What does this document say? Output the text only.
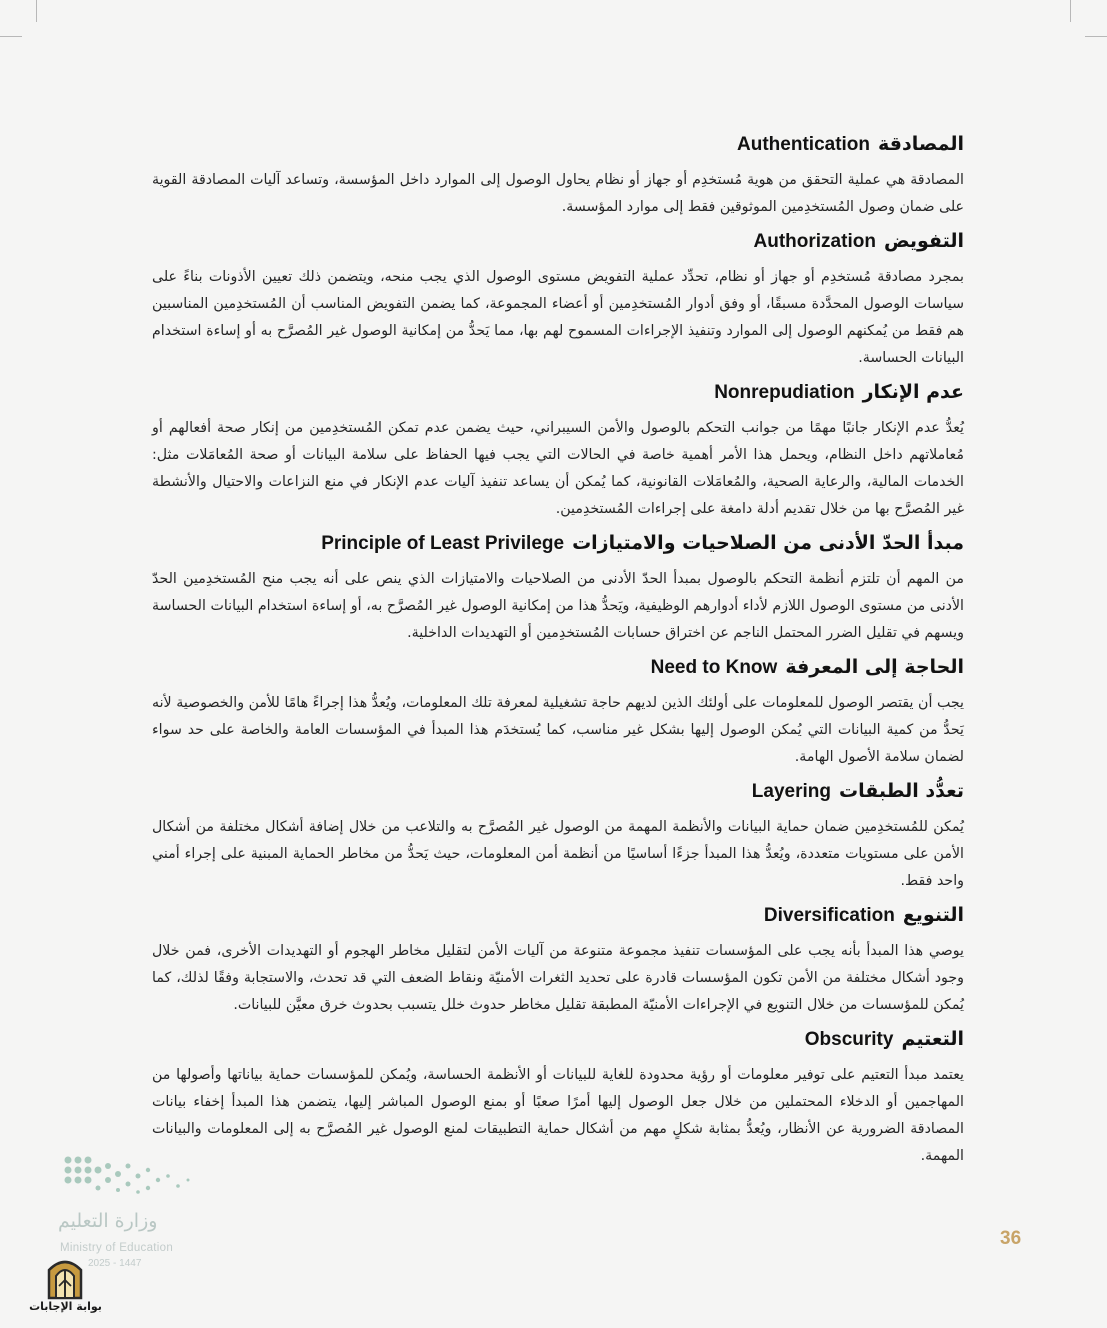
المصادقة
Authentication

المصادقة هي عملية التحقق من هوية مُستخدِم أو جهاز أو نظام يحاول الوصول إلى الموارد داخل المؤسسة، وتساعد آليات المصادقة القوية على ضمان وصول المُستخدِمين الموثوقين فقط إلى موارد المؤسسة.

التفويض
Authorization

بمجرد مصادقة مُستخدِم أو جهاز أو نظام، تحدِّد عملية التفويض مستوى الوصول الذي يجب منحه، ويتضمن ذلك تعيين الأذونات بناءً على سياسات الوصول المحدَّدة مسبقًا، أو وفق أدوار المُستخدِمين أو أعضاء المجموعة، كما يضمن التفويض المناسب أن المُستخدِمين المناسبين هم فقط من يُمكنهم الوصول إلى الموارد وتنفيذ الإجراءات المسموح لهم بها، مما يَحدُّ من إمكانية الوصول غير المُصرَّح به أو إساءة استخدام البيانات الحساسة.

عدم الإنكار
Nonrepudiation

يُعدُّ عدم الإنكار جانبًا مهمًا من جوانب التحكم بالوصول والأمن السيبراني، حيث يضمن عدم تمكن المُستخدِمين من إنكار صحة أفعالهم أو مُعاملاتهم داخل النظام، ويحمل هذا الأمر أهمية خاصة في الحالات التي يجب فيها الحفاظ على سلامة البيانات أو صحة المُعامَلات مثل: الخدمات المالية، والرعاية الصحية، والمُعامَلات القانونية، كما يُمكن أن يساعد تنفيذ آليات عدم الإنكار في منع النزاعات والاحتيال والأنشطة غير المُصرَّح بها من خلال تقديم أدلة دامغة على إجراءات المُستخدِمين.

مبدأ الحدّ الأدنى من الصلاحيات والامتيازات
Principle of Least Privilege

من المهم أن تلتزم أنظمة التحكم بالوصول بمبدأ الحدّ الأدنى من الصلاحيات والامتيازات الذي ينص على أنه يجب منح المُستخدِمين الحدّ الأدنى من مستوى الوصول اللازم لأداء أدوارهم الوظيفية، ويَحدُّ هذا من إمكانية الوصول غير المُصرَّح به، أو إساءة استخدام البيانات الحساسة ويسهم في تقليل الضرر المحتمل الناجم عن اختراق حسابات المُستخدِمين أو التهديدات الداخلية.

الحاجة إلى المعرفة
Need to Know

يجب أن يقتصر الوصول للمعلومات على أولئك الذين لديهم حاجة تشغيلية لمعرفة تلك المعلومات، ويُعدُّ هذا إجراءً هامًا للأمن والخصوصية لأنه يَحدُّ من كمية البيانات التي يُمكن الوصول إليها بشكل غير مناسب، كما يُستخدَم هذا المبدأ في المؤسسات العامة والخاصة على حد سواء لضمان سلامة الأصول الهامة.

تعدُّد الطبقات
Layering

يُمكن للمُستخدِمين ضمان حماية البيانات والأنظمة المهمة من الوصول غير المُصرَّح به والتلاعب من خلال إضافة أشكال مختلفة من أشكال الأمن على مستويات متعددة، ويُعدُّ هذا المبدأ جزءًا أساسيًا من أنظمة أمن المعلومات، حيث يَحدُّ من مخاطر الحماية المبنية على إجراء أمني واحد فقط.

التنويع
Diversification

يوصي هذا المبدأ بأنه يجب على المؤسسات تنفيذ مجموعة متنوعة من آليات الأمن لتقليل مخاطر الهجوم أو التهديدات الأخرى، فمن خلال وجود أشكال مختلفة من الأمن تكون المؤسسات قادرة على تحديد الثغرات الأمنيّة ونقاط الضعف التي قد تحدث، والاستجابة وفقًا لذلك، كما يُمكن للمؤسسات من خلال التنويع في الإجراءات الأمنيّة المطبقة تقليل مخاطر حدوث خلل يتسبب بحدوث خرق معيَّن للبيانات.

التعتيم
Obscurity

يعتمد مبدأ التعتيم على توفير معلومات أو رؤية محدودة للغاية للبيانات أو الأنظمة الحساسة، ويُمكن للمؤسسات حماية بياناتها وأصولها من المهاجمين أو الدخلاء المحتملين من خلال جعل الوصول إليها أمرًا صعبًا أو بمنع الوصول المباشر إليها، يتضمن هذا المبدأ إخفاء بيانات المصادقة الضرورية عن الأنظار، ويُعدُّ بمثابة شكلٍ مهم من أشكال حماية التطبيقات لمنع الوصول غير المُصرَّح به إلى المعلومات والبيانات المهمة.

وزارة التعليم
Ministry of Education
2025 - 1447
بوابة الإجابات
36
